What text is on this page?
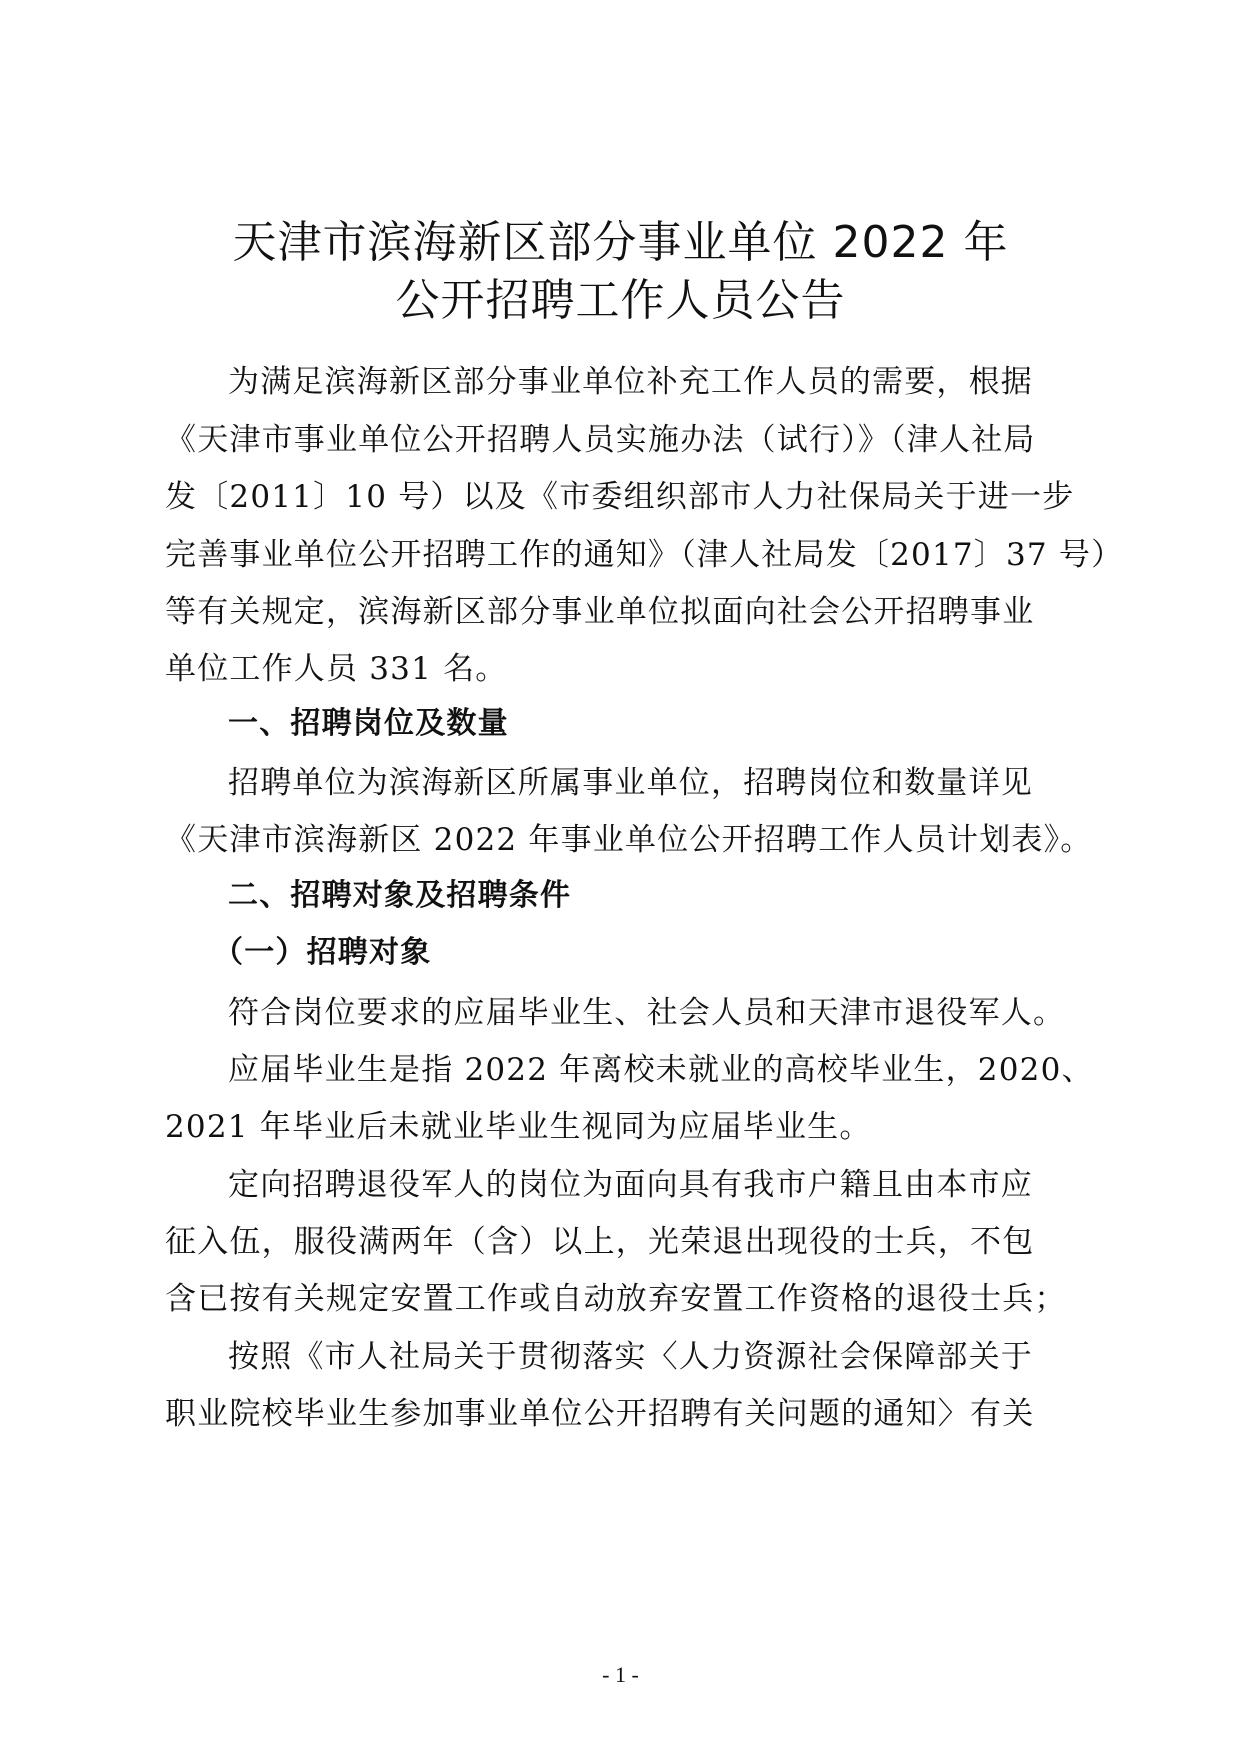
天津市滨海新区部分事业单位 2022 年
公开招聘工作人员公告
为满足滨海新区部分事业单位补充工作人员的需要，根据
《天津市事业单位公开招聘人员实施办法（试行）》（津人社局
发〔2011〕10 号）以及《市委组织部市人力社保局关于进一步
完善事业单位公开招聘工作的通知》（津人社局发〔2017〕37 号）
等有关规定，滨海新区部分事业单位拟面向社会公开招聘事业
单位工作人员 331 名。
一、招聘岗位及数量
招聘单位为滨海新区所属事业单位，招聘岗位和数量详见
《天津市滨海新区 2022 年事业单位公开招聘工作人员计划表》。
二、招聘对象及招聘条件
（一）招聘对象
符合岗位要求的应届毕业生、社会人员和天津市退役军人。
应届毕业生是指 2022 年离校未就业的高校毕业生，2020、
2021 年毕业后未就业毕业生视同为应届毕业生。
定向招聘退役军人的岗位为面向具有我市户籍且由本市应
征入伍，服役满两年（含）以上，光荣退出现役的士兵，不包
含已按有关规定安置工作或自动放弃安置工作资格的退役士兵；
按照《市人社局关于贯彻落实〈人力资源社会保障部关于
职业院校毕业生参加事业单位公开招聘有关问题的通知〉有关
- 1 -
